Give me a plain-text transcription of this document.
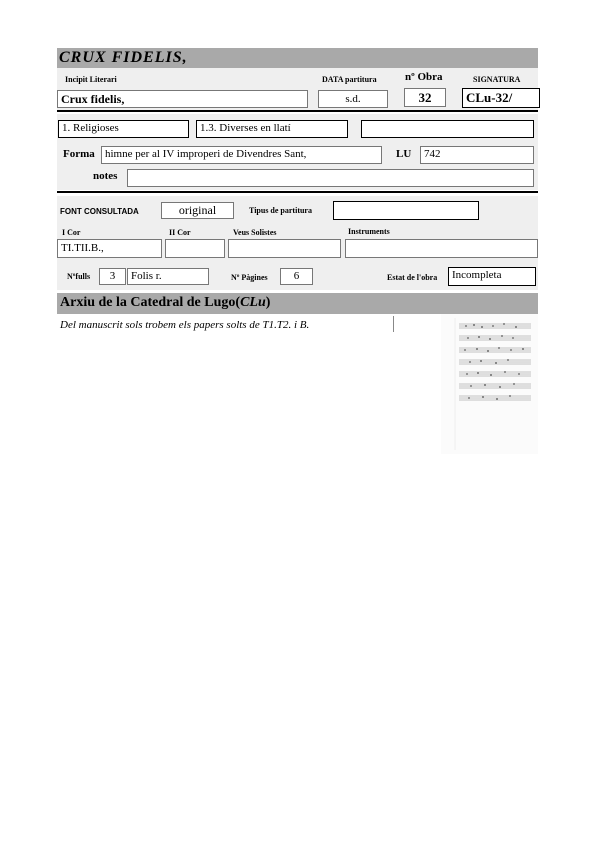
CRUX FIDELIS,
Incipit Literari	DATA partitura	nº Obra	SIGNATURA
Crux fidelis,	s.d.	32	CLu-32/
1. Religioses	1.3. Diverses en llatí
Forma himne per al IV improperi de Divendres Sant,	LU	742
notes
FONT CONSULTADA	original	Tipus de partitura
I Cor	II Cor	Veus Solistes	Instruments
TI.TII.B.,
Nºfulls	3	Folis r.	Nº Pàgines	6	Estat de l'obra	Incompleta
Arxiu de la Catedral de Lugo(CLu)
Del manuscrit sols trobem els papers solts de T1.T2. i B.
